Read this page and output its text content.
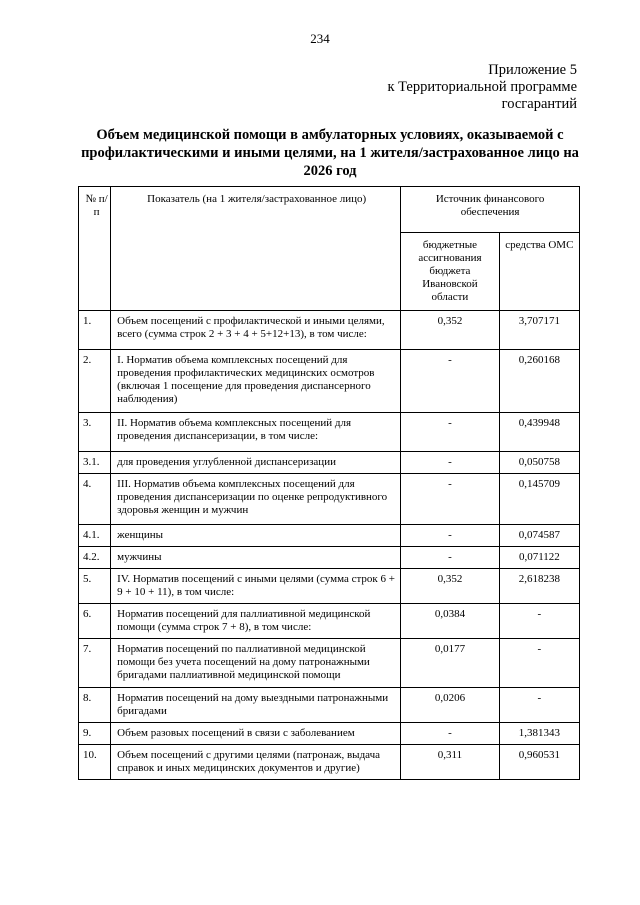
234
Приложение 5
к Территориальной программе
госгарантий
Объем медицинской помощи в амбулаторных условиях, оказываемой с профилактическими и иными целями, на 1 жителя/застрахованное лицо на 2026 год
№ п/п	Показатель (на 1 жителя/застрахованное лицо)	Источник финансового обеспечения	
		бюджетные ассигнования бюджета Ивановской области	средства ОМС
1.	Объем посещений с профилактической и иными целями, всего (сумма строк 2 + 3 + 4 + 5+12+13), в том числе:	0,352	3,707171
2.	I. Норматив объема комплексных посещений для проведения профилактических медицинских осмотров (включая 1 посещение для проведения диспансерного наблюдения)	-	0,260168
3.	II. Норматив объема комплексных посещений для проведения диспансеризации, в том числе:	-	0,439948
3.1.	для проведения углубленной диспансеризации	-	0,050758
4.	III. Норматив объема комплексных посещений для проведения диспансеризации по оценке репродуктивного здоровья женщин и мужчин	-	0,145709
4.1.	женщины	-	0,074587
4.2.	мужчины	-	0,071122
5.	IV. Норматив посещений с иными целями (сумма строк 6 + 9 + 10 + 11), в том числе:	0,352	2,618238
6.	Норматив посещений для паллиативной медицинской помощи (сумма строк 7 + 8), в том числе:	0,0384	-
7.	Норматив посещений по паллиативной медицинской помощи без учета посещений на дому патронажными бригадами паллиативной медицинской помощи	0,0177	-
8.	Норматив посещений на дому выездными патронажными бригадами	0,0206	-
9.	Объем разовых посещений в связи с заболеванием	-	1,381343
10.	Объем посещений с другими целями (патронаж, выдача справок и иных медицинских документов и другие)	0,311	0,960531
